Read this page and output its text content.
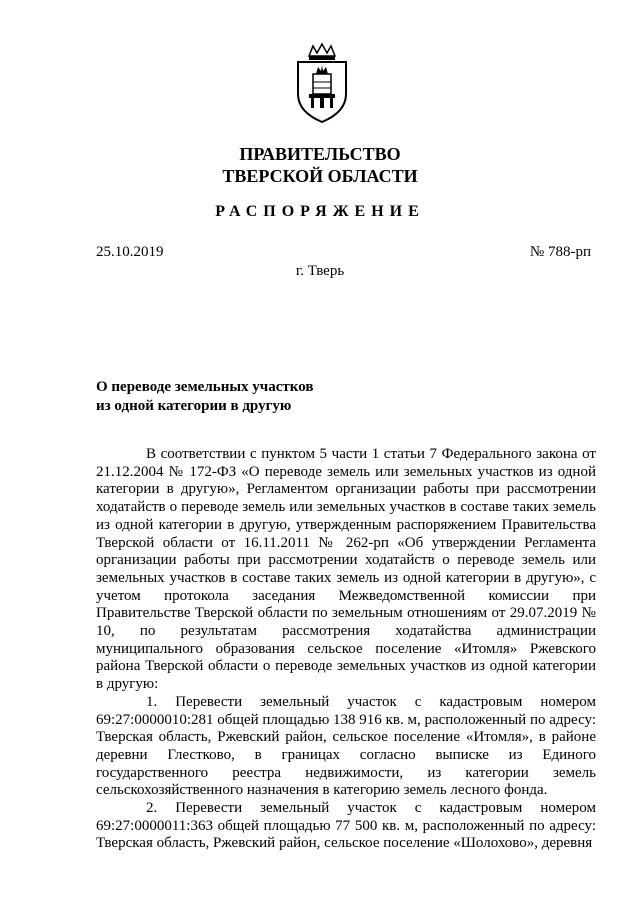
ПРАВИТЕЛЬСТВО
ТВЕРСКОЙ ОБЛАСТИ
РАСПОРЯЖЕНИЕ
25.10.2019	№ 788-рп
г. Тверь
О переводе земельных участков
из одной категории в другую

В соответствии с пунктом 5 части 1 статьи 7 Федерального закона от 21.12.2004 № 172-ФЗ «О переводе земель или земельных участков из одной категории в другую», Регламентом организации работы при рассмотрении ходатайств о переводе земель или земельных участков в составе таких земель из одной категории в другую, утвержденным распоряжением Правительства Тверской области от 16.11.2011 № 262-рп «Об утверждении Регламента организации работы при рассмотрении ходатайств о переводе земель или земельных участков в составе таких земель из одной категории в другую», с учетом протокола заседания Межведомственной комиссии при Правительстве Тверской области по земельным отношениям от 29.07.2019 № 10, по результатам рассмотрения ходатайства администрации муниципального образования сельское поселение «Итомля» Ржевского района Тверской области о переводе земельных участков из одной категории в другую:

1. Перевести земельный участок с кадастровым номером 69:27:0000010:281 общей площадью 138 916 кв. м, расположенный по адресу: Тверская область, Ржевский район, сельское поселение «Итомля», в районе деревни Глестково, в границах согласно выписке из Единого государственного реестра недвижимости, из категории земель сельскохозяйственного назначения в категорию земель лесного фонда.

2. Перевести земельный участок с кадастровым номером 69:27:0000011:363 общей площадью 77 500 кв. м, расположенный по адресу: Тверская область, Ржевский район, сельское поселение «Шолохово», деревня
